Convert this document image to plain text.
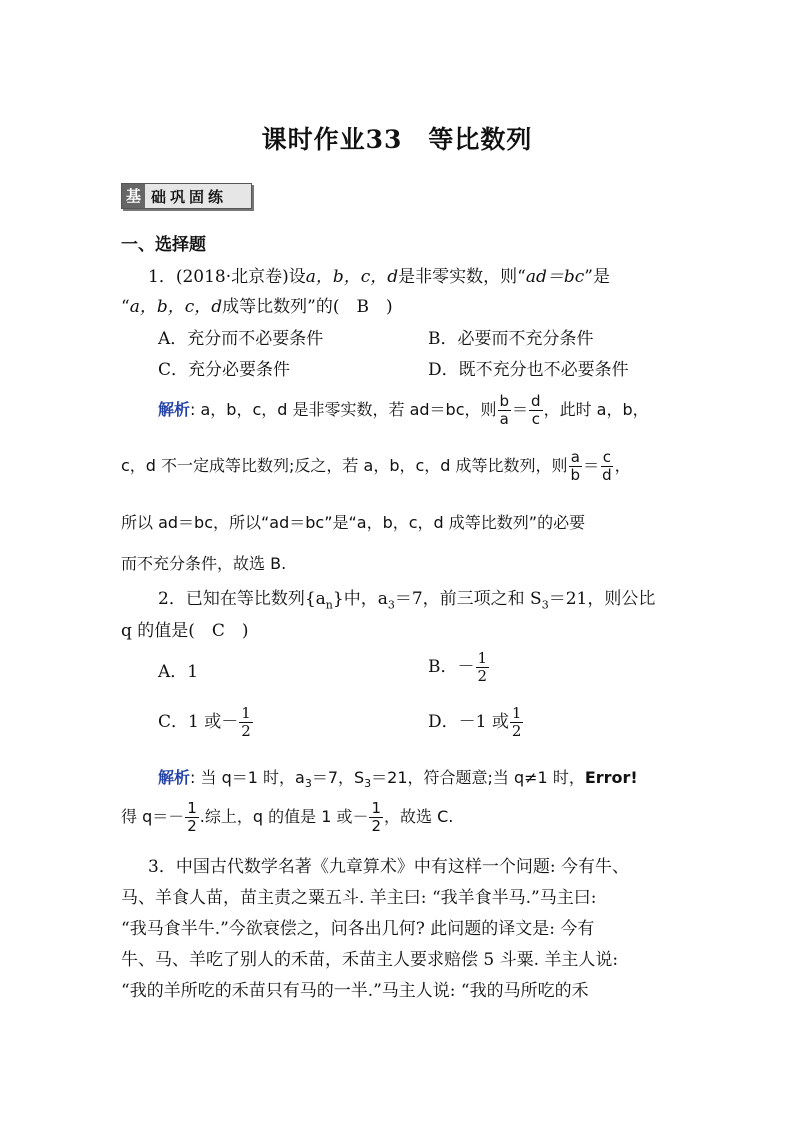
课时作业33　等比数列
基 础巩固练
一、选择题
1．(2018·北京卷)设a，b，c，d是非零实数，则“ad＝bc”是
“a，b，c，d成等比数列”的(　B　)
A．充分而不必要条件	B．必要而不充分条件
C．充分必要条件	D．既不充分也不必要条件
解析: a，b，c，d 是非零实数，若 ad＝bc，则 $\frac{b}{a} = \frac{d}{c}$ ，此时 a，b，
c，d 不一定成等比数列;反之，若 a，b，c，d 成等比数列，则 $\frac{a}{b} = \frac{c}{d}$ ，
所以 ad＝bc，所以“ad＝bc”是“a，b，c，d 成等比数列”的必要
而不充分条件，故选 B.
2．已知在等比数列$\{a_n\}$中，$a_3=7$，前三项之和 $S_3=21$，则公比
q 的值是(　C　)
A．1	B．－ $\frac{1}{2}$
C．1 或－ $\frac{1}{2}$	D．－1 或 $\frac{1}{2}$
解析: 当 q＝1 时，$a_3=7$，$S_3=21$，符合题意;当 q≠1 时，Error!
得 $q=- \frac{1}{2}$ .综上，q 的值是 1 或－ $\frac{1}{2}$ ，故选 C.
3．中国古代数学名著《九章算术》中有这样一个问题: 今有牛、
马、羊食人苗，苗主责之粟五斗. 羊主曰: “我羊食半马.”马主曰:
“我马食半牛.”今欲衰偿之，问各出几何? 此问题的译文是: 今有
牛、马、羊吃了别人的禾苗，禾苗主人要求赔偿 5 斗粟. 羊主人说:
“我的羊所吃的禾苗只有马的一半.”马主人说: “我的马所吃的禾
